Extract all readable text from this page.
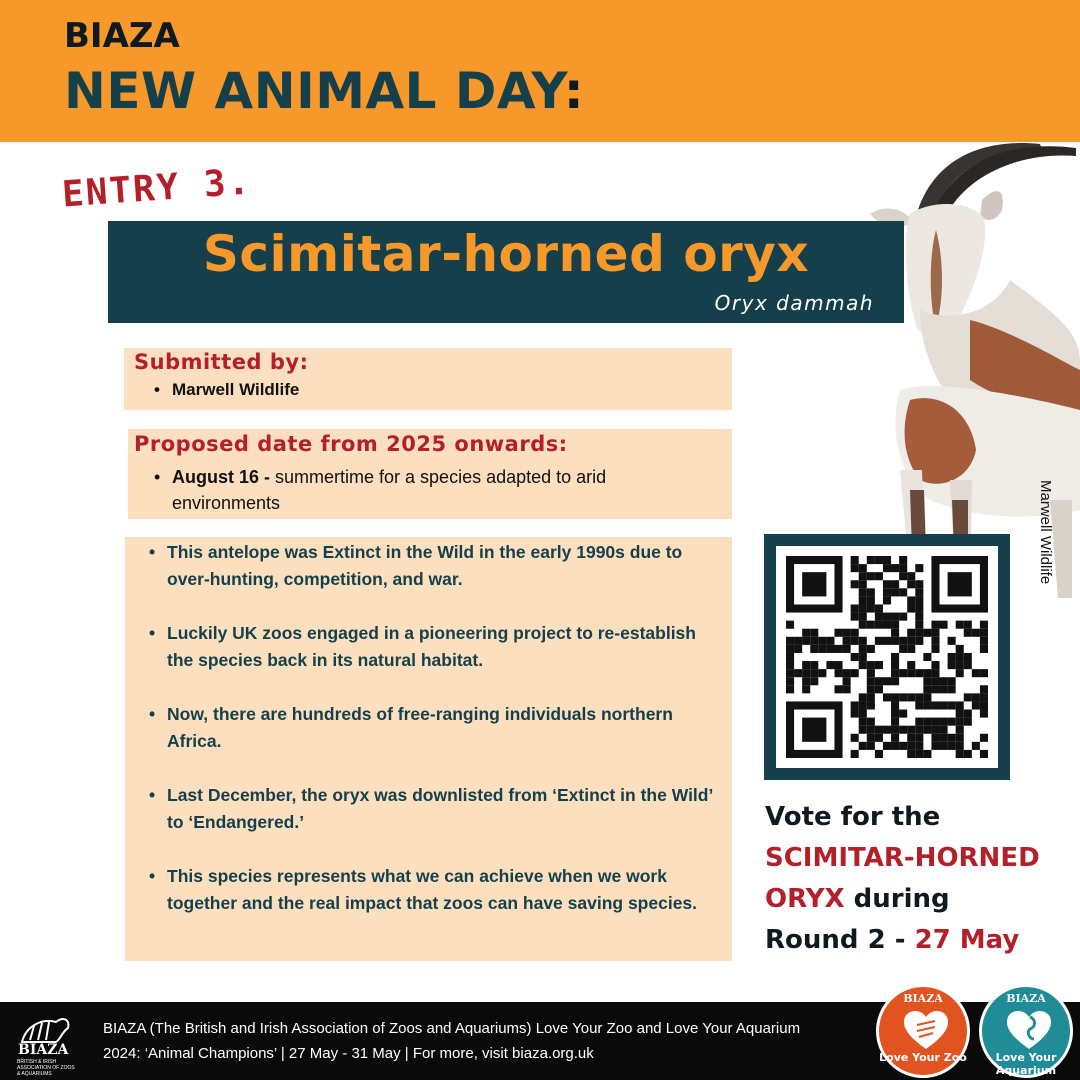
BIAZA
NEW ANIMAL DAY:
ENTRY 3.
Scimitar-horned oryx
Oryx dammah
Submitted by:
• Marwell Wildlife
Proposed date from 2025 onwards:
• August 16 - summertime for a species adapted to arid environments
• This antelope was Extinct in the Wild in the early 1990s due to over-hunting, competition, and war.
• Luckily UK zoos engaged in a pioneering project to re-establish the species back in its natural habitat.
• Now, there are hundreds of free-ranging individuals northern Africa.
• Last December, the oryx was downlisted from ‘Extinct in the Wild’ to ‘Endangered.’
• This species represents what we can achieve when we work together and the real impact that zoos can have saving species.
Marwell Wildlife
Vote for the
SCIMITAR-HORNED
ORYX during
Round 2 - 27 May
BIAZA
BRITISH & IRISH ASSOCIATION OF ZOOS & AQUARIUMS
BIAZA (The British and Irish Association of Zoos and Aquariums) Love Your Zoo and Love Your Aquarium 2024: ‘Animal Champions’ | 27 May - 31 May | For more, visit biaza.org.uk
BIAZA
Love Your Zoo
BIAZA
Love Your Aquarium
